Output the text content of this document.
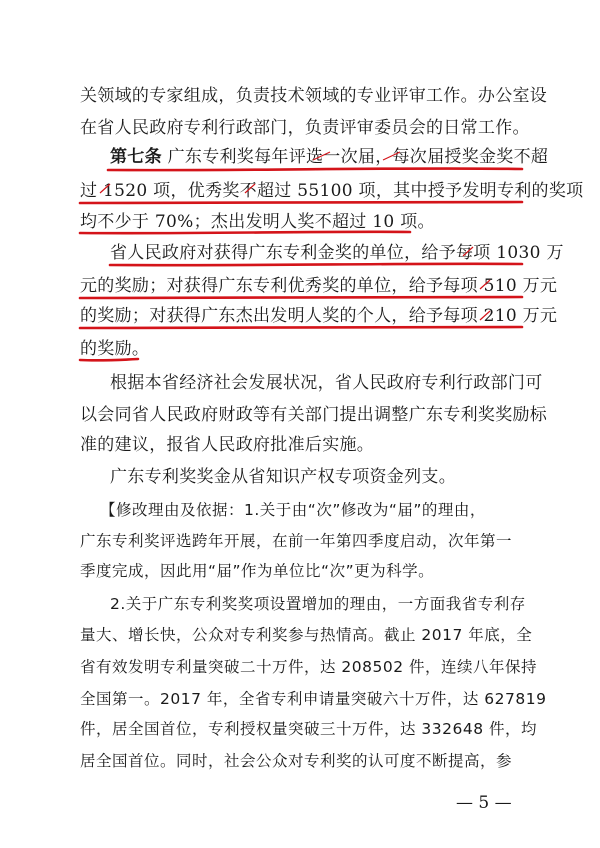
关领域的专家组成，负责技术领域的专业评审工作。办公室设
在省人民政府专利行政部门，负责评审委员会的日常工作。
第七条 广东专利奖每年评选一次届，每次届授奖金奖不超
过 1520 项，优秀奖不超过 55100 项，其中授予发明专利的奖项
均不少于 70%；杰出发明人奖不超过 10 项。
省人民政府对获得广东专利金奖的单位，给予每项 1030 万
元的奖励；对获得广东专利优秀奖的单位，给予每项 510 万元
的奖励；对获得广东杰出发明人奖的个人，给予每项 210 万元
的奖励。
根据本省经济社会发展状况，省人民政府专利行政部门可
以会同省人民政府财政等有关部门提出调整广东专利奖奖励标
准的建议，报省人民政府批准后实施。
广东专利奖奖金从省知识产权专项资金列支。
【修改理由及依据：1.关于由“次”修改为“届”的理由，
广东专利奖评选跨年开展，在前一年第四季度启动，次年第一
季度完成，因此用“届”作为单位比“次”更为科学。
2.关于广东专利奖奖项设置增加的理由，一方面我省专利存
量大、增长快，公众对专利奖参与热情高。截止 2017 年底，全
省有效发明专利量突破二十万件，达 208502 件，连续八年保持
全国第一。2017 年，全省专利申请量突破六十万件，达 627819
件，居全国首位，专利授权量突破三十万件，达 332648 件，均
居全国首位。同时，社会公众对专利奖的认可度不断提高，参
— 5 —
